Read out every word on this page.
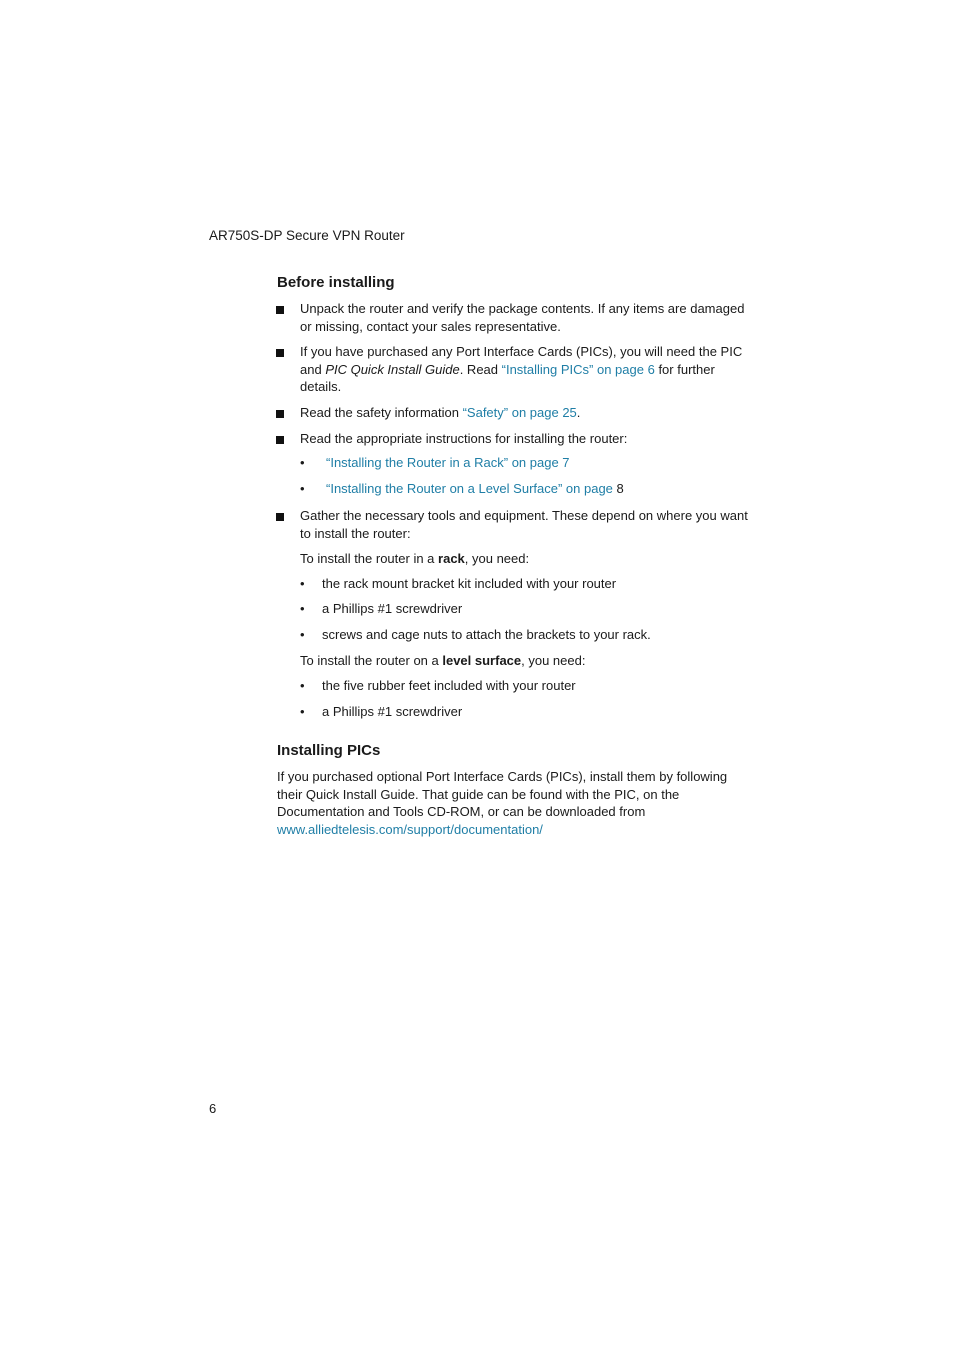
AR750S-DP Secure VPN Router
Before installing
Unpack the router and verify the package contents. If any items are damaged or missing, contact your sales representative.
If you have purchased any Port Interface Cards (PICs), you will need the PIC
and PIC Quick Install Guide. Read “Installing PICs” on page 6 for further
details.
Read the safety information “Safety” on page 25.
Read the appropriate instructions for installing the router:
• “Installing the Router in a Rack” on page 7
• “Installing the Router on a Level Surface” on page 8
Gather the necessary tools and equipment. These depend on where you want to install the router:
To install the router in a rack, you need:
• the rack mount bracket kit included with your router
• a Phillips #1 screwdriver
• screws and cage nuts to attach the brackets to your rack.
To install the router on a level surface, you need:
• the five rubber feet included with your router
• a Phillips #1 screwdriver
Installing PICs
If you purchased optional Port Interface Cards (PICs), install them by following their Quick Install Guide. That guide can be found with the PIC, on the Documentation and Tools CD-ROM, or can be downloaded from
www.alliedtelesis.com/support/documentation/
6
